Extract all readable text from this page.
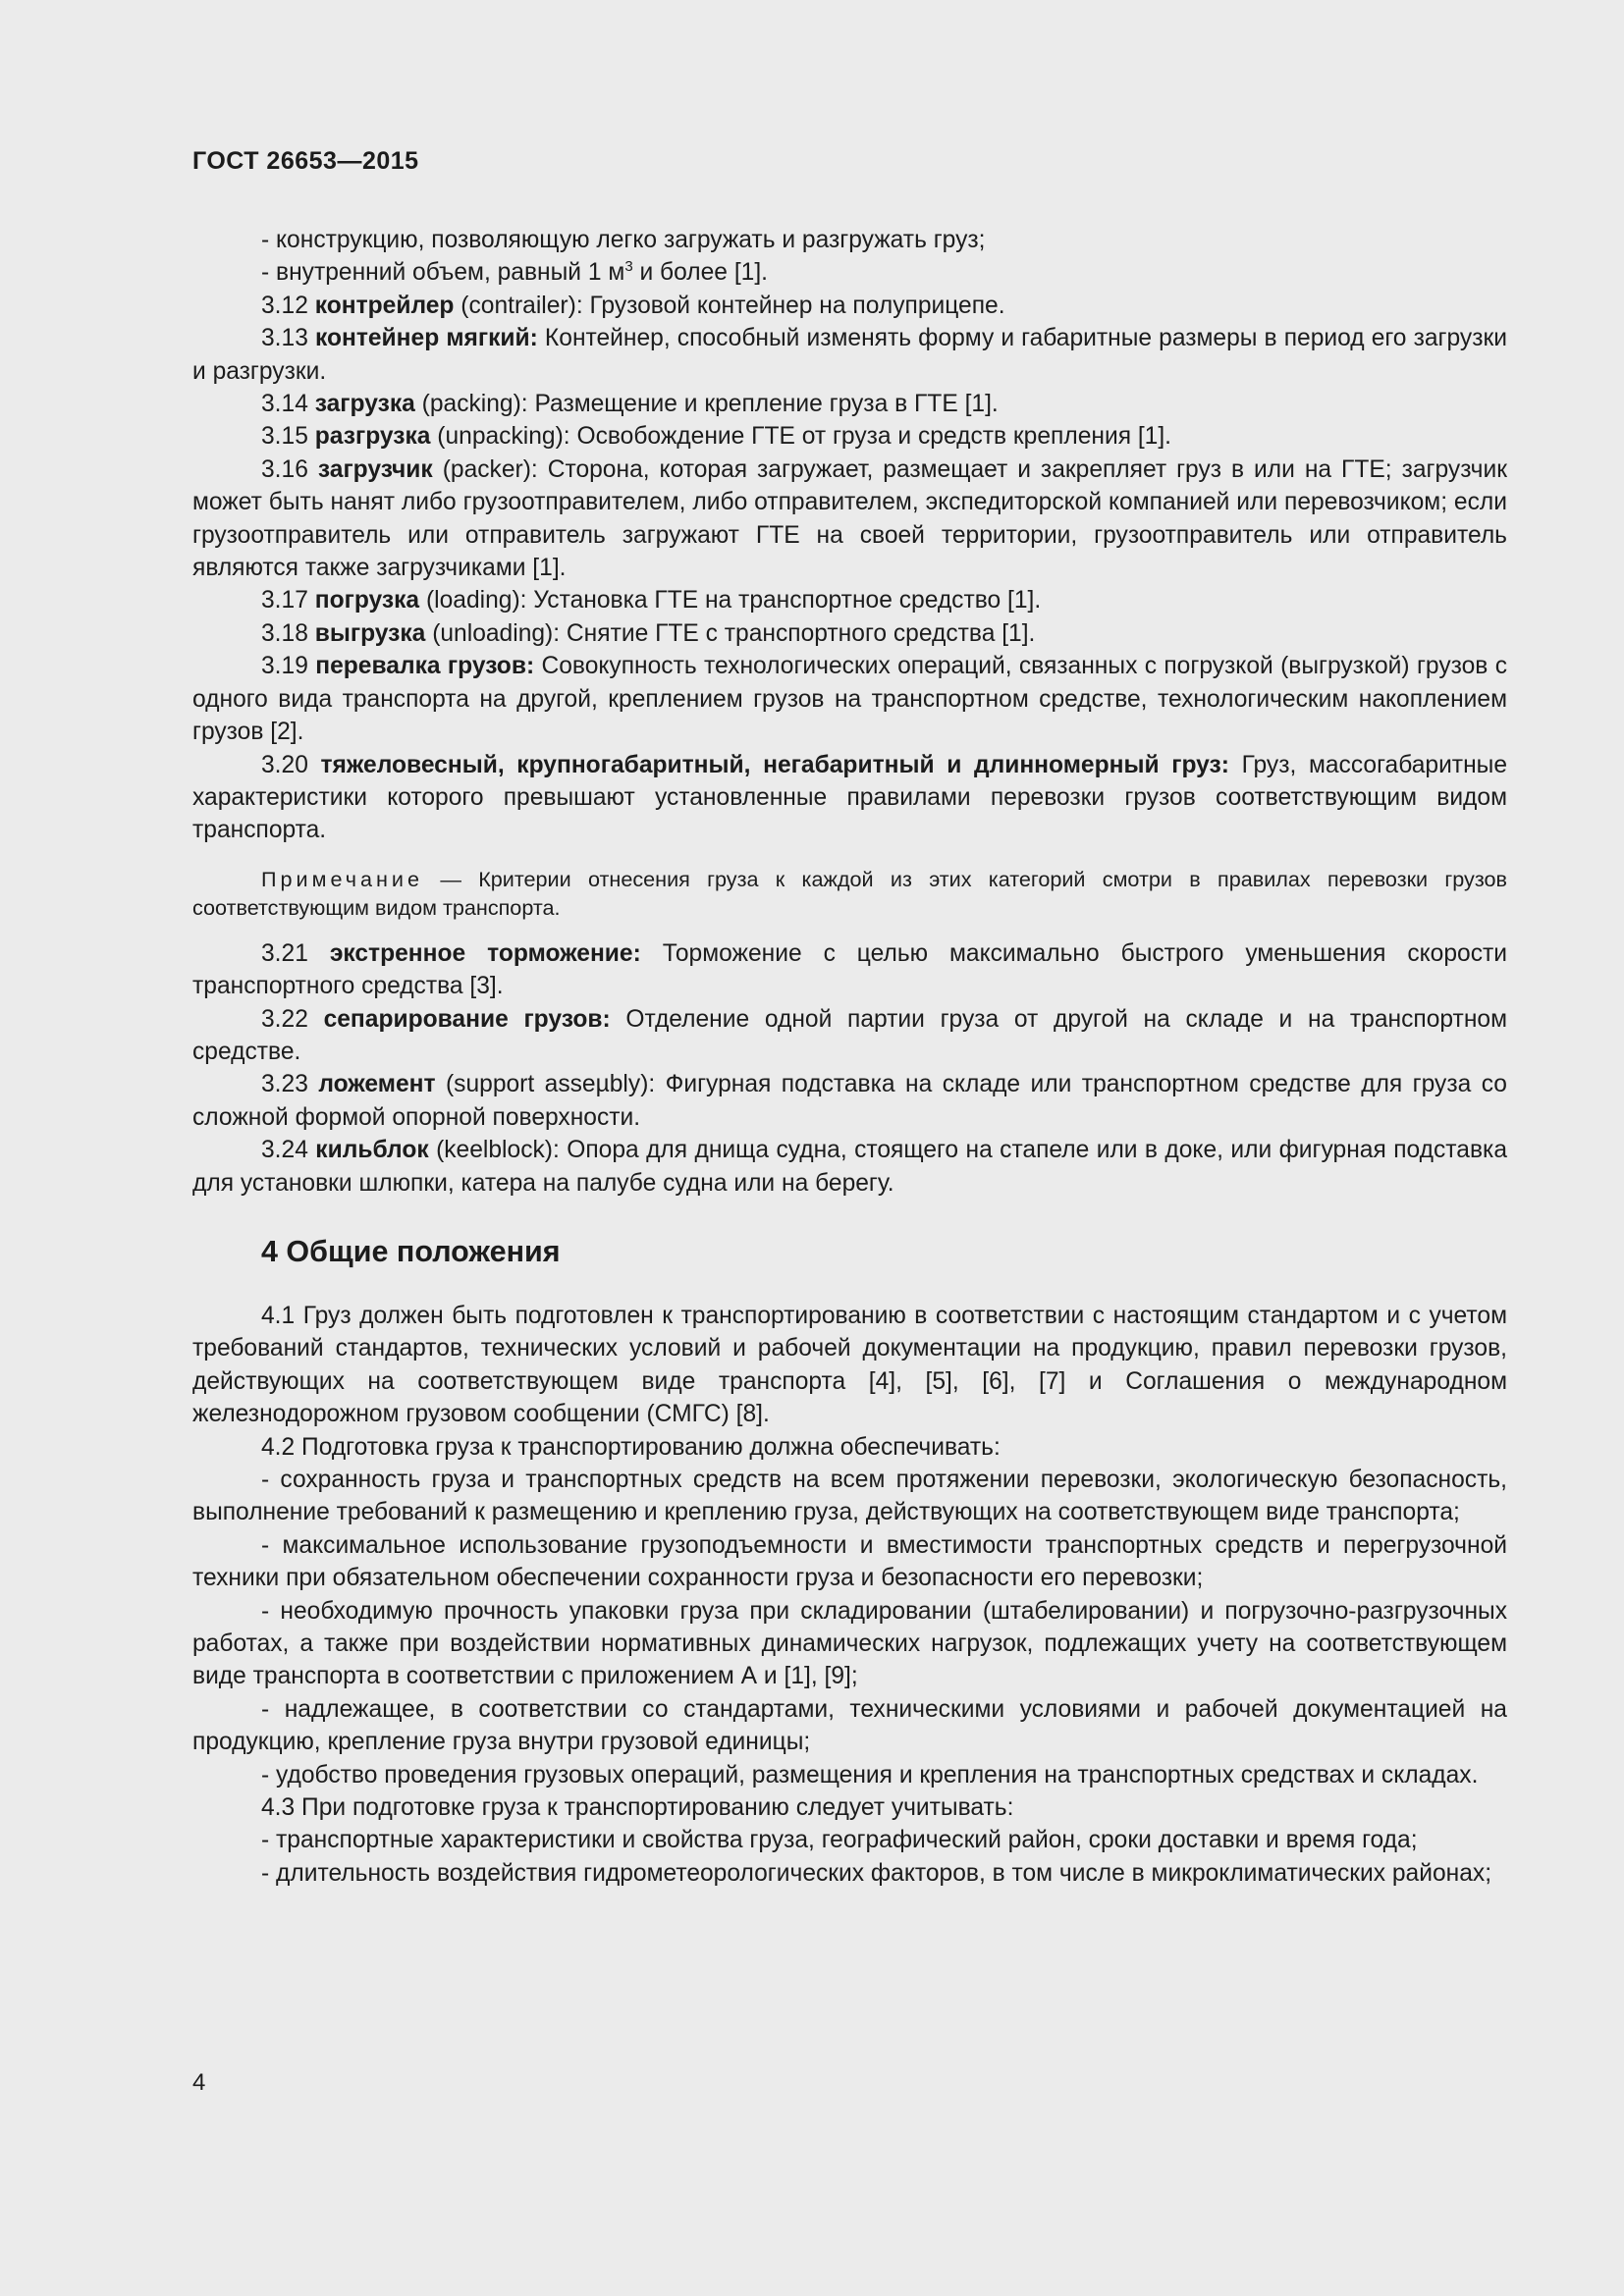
ГОСТ 26653—2015

- конструкцию, позволяющую легко загружать и разгружать груз;

- внутренний объем, равный 1 $м^3$ и более [1].

3.12 контрейлер (contrailer): Грузовой контейнер на полуприцепе.

3.13 контейнер мягкий: Контейнер, способный изменять форму и габаритные размеры в период его загрузки и разгрузки.

3.14 загрузка (packing): Размещение и крепление груза в ГТЕ [1].

3.15 разгрузка (unpacking): Освобождение ГТЕ от груза и средств крепления [1].

3.16 загрузчик (packer): Сторона, которая загружает, размещает и закрепляет груз в или на ГТЕ; загрузчик может быть нанят либо грузоотправителем, либо отправителем, экспедиторской компанией или перевозчиком; если грузоотправитель или отправитель загружают ГТЕ на своей территории, грузоотправитель или отправитель являются также загрузчиками [1].

3.17 погрузка (loading): Установка ГТЕ на транспортное средство [1].

3.18 выгрузка (unloading): Снятие ГТЕ с транспортного средства [1].

3.19 перевалка грузов: Совокупность технологических операций, связанных с погрузкой (выгрузкой) грузов с одного вида транспорта на другой, креплением грузов на транспортном средстве, технологическим накоплением грузов [2].

3.20 тяжеловесный, крупногабаритный, негабаритный и длинномерный груз: Груз, массогабаритные характеристики которого превышают установленные правилами перевозки грузов соответствующим видом транспорта.

Примечание — Критерии отнесения груза к каждой из этих категорий смотри в правилах перевозки грузов соответствующим видом транспорта.

3.21 экстренное торможение: Торможение с целью максимально быстрого уменьшения скорости транспортного средства [3].

3.22 сепарирование грузов: Отделение одной партии груза от другой на складе и на транспортном средстве.

3.23 ложемент (support asseµbly): Фигурная подставка на складе или транспортном средстве для груза со сложной формой опорной поверхности.

3.24 кильблок (keelblock): Опора для днища судна, стоящего на стапеле или в доке, или фигурная подставка для установки шлюпки, катера на палубе судна или на берегу.

4 Общие положения

4.1 Груз должен быть подготовлен к транспортированию в соответствии с настоящим стандартом и с учетом требований стандартов, технических условий и рабочей документации на продукцию, правил перевозки грузов, действующих на соответствующем виде транспорта [4], [5], [6], [7] и Соглашения о международном железнодорожном грузовом сообщении (СМГС) [8].

4.2 Подготовка груза к транспортированию должна обеспечивать:

- сохранность груза и транспортных средств на всем протяжении перевозки, экологическую безопасность, выполнение требований к размещению и креплению груза, действующих на соответствующем виде транспорта;

- максимальное использование грузоподъемности и вместимости транспортных средств и перегрузочной техники при обязательном обеспечении сохранности груза и безопасности его перевозки;

- необходимую прочность упаковки груза при складировании (штабелировании) и погрузочно-разгрузочных работах, а также при воздействии нормативных динамических нагрузок, подлежащих учету на соответствующем виде транспорта в соответствии с приложением А и [1], [9];

- надлежащее, в соответствии со стандартами, техническими условиями и рабочей документацией на продукцию, крепление груза внутри грузовой единицы;

- удобство проведения грузовых операций, размещения и крепления на транспортных средствах и складах.

4.3 При подготовке груза к транспортированию следует учитывать:

- транспортные характеристики и свойства груза, географический район, сроки доставки и время года;

- длительность воздействия гидрометеорологических факторов, в том числе в микроклиматических районах;

4
